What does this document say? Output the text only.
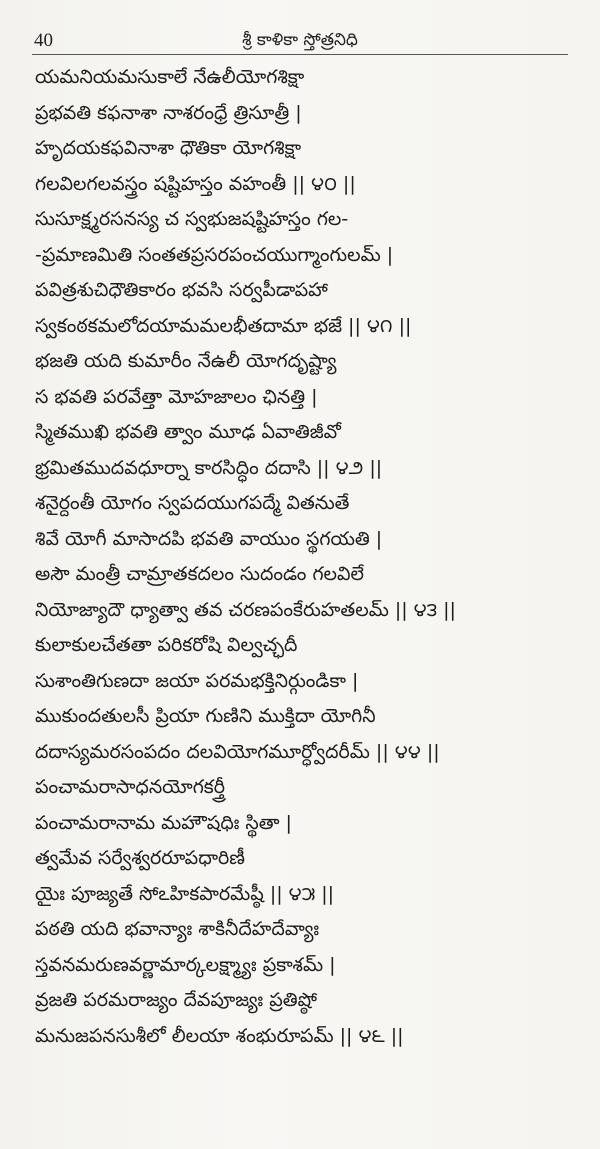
40	శ్రీ కాళికా స్తోత్రనిధి
యమనియమసుకాలే నేఉలీయోగశిక్షా
ప్రభవతి కఫనాశా నాశరంధ్రే త్రిసూత్రీ |
హృదయకఫవినాశా ధౌతికా యోగశిక్షా
గలవిలగలవస్త్రం షష్టిహస్తం వహంతీ || ౪౦ ||
సుసూక్ష్మరసనస్య చ స్వభుజషష్టిహస్తం గల-
-ప్రమాణమితి సంతతప్రసరపంచయుగ్మాంగులమ్ |
పవిత్రశుచిధౌతికారం భవసి సర్వపీడాపహా
స్వకంఠకమలోదయామమలభీతదామా భజే || ౪౧ ||
భజతి యది కుమారీం నేఉలీ యోగదృష్ట్యా
స భవతి పరవేత్తా మోహజాలం ఛినత్తి |
స్మితముఖి భవతి త్వాం మూఢ ఏవాతిజీవో
భ్రమితముదవధూర్నా కారసిద్ధిం దదాసి || ౪౨ ||
శనైర్దంతీ యోగం స్వపదయుగపద్మే వితనుతే
శివే యోగీ మాసాదపి భవతి వాయుం స్థగయతి |
అసౌ మంత్రీ చామ్రాతకదలం సుదండం గలవిలే
నియోజ్యాదౌ ధ్యాత్వా తవ చరణపంకేరుహతలమ్ || ౪౩ ||
కులాకులచేతతా పరికరోషి విల్వచ్ఛదీ
సుశాంతిగుణదా జయా పరమభక్తినిర్గుండికా |
ముకుందతులసీ ప్రియా గుణిని ముక్తిదా యోగినీ
దదాస్యమరసంపదం దలవియోగమూర్ధ్వోదరీమ్ || ౪౪ ||
పంచామరాసాధనయోగకర్త్రీ
పంచామరానామ మహౌషధిః స్థితా |
త్వమేవ సర్వేశ్వరరూపధారిణీ
యైః పూజ్యతే సోఽహికపారమేష్ఠీ || ౪౫ ||
పఠతి యది భవాన్యాః శాకినీదేహదేవ్యాః
స్తవనమరుణవర్ణామార్కలక్ష్మ్యాః ప్రకాశమ్ |
వ్రజతి పరమరాజ్యం దేవపూజ్యః ప్రతిష్ఠో
మనుజపనసుశీలో లీలయా శంభురూపమ్ || ౪౬ ||
